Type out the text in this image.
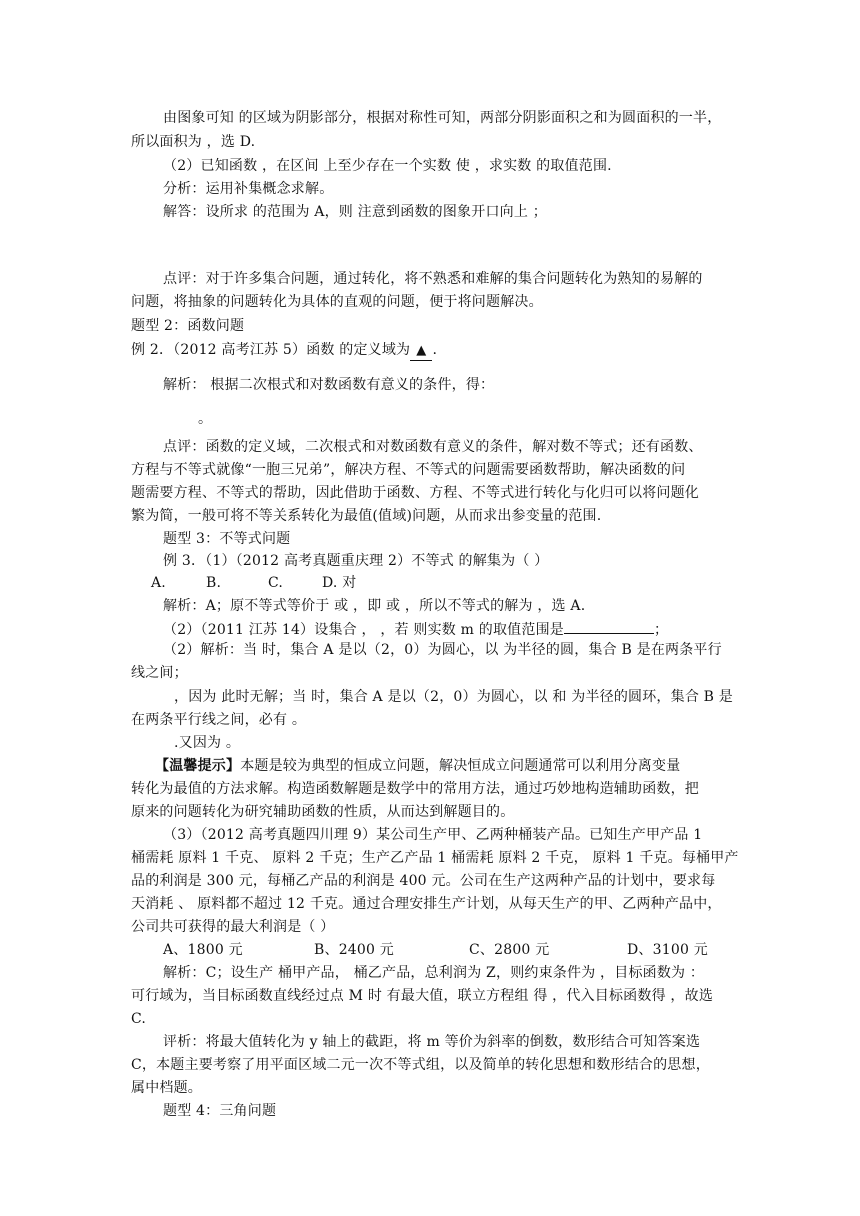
由图象可知 的区域为阴影部分，根据对称性可知，两部分阴影面积之和为圆面积的一半，
所以面积为 ，选 D.
（2）已知函数 ，在区间 上至少存在一个实数 使 ，求实数 的取值范围.
分析：运用补集概念求解。
解答：设所求 的范围为 A，则 注意到函数的图象开口向上 ；
点评：对于许多集合问题，通过转化，将不熟悉和难解的集合问题转化为熟知的易解的
问题，将抽象的问题转化为具体的直观的问题，便于将问题解决。
题型 2：函数问题
例 2．（2012 高考江苏 5）函数 的定义域为 ▲ .
解析： 根据二次根式和对数函数有意义的条件，得：
。
点评：函数的定义域，二次根式和对数函数有意义的条件，解对数不等式；还有函数、
方程与不等式就像“一胞三兄弟”，解决方程、不等式的问题需要函数帮助，解决函数的问
题需要方程、不等式的帮助，因此借助于函数、方程、不等式进行转化与化归可以将问题化
繁为简，一般可将不等关系转化为最值(值域)问题，从而求出参变量的范围.
题型 3：不等式问题
例 3．（1）（2012 高考真题重庆理 2）不等式 的解集为（ ）
A.	B.	C.	D. 对
解析：A；原不等式等价于 或 ，即 或 ，所以不等式的解为 ，选 A.
（2）（2011 江苏 14）设集合 ， ，若 则实数 m 的取值范围是	；
（2）解析：当 时，集合 A 是以（2，0）为圆心，以 为半径的圆，集合 B 是在两条平行
线之间；
，因为 此时无解；当 时，集合 A 是以（2，0）为圆心，以 和 为半径的圆环，集合 B 是
在两条平行线之间，必有 。
.又因为 。
【温馨提示】本题是较为典型的恒成立问题，解决恒成立问题通常可以利用分离变量
转化为最值的方法求解。构造函数解题是数学中的常用方法，通过巧妙地构造辅助函数，把
原来的问题转化为研究辅助函数的性质，从而达到解题目的。
（3）（2012 高考真题四川理 9）某公司生产甲、乙两种桶装产品。已知生产甲产品 1
桶需耗 原料 1 千克、 原料 2 千克；生产乙产品 1 桶需耗 原料 2 千克， 原料 1 千克。每桶甲产
品的利润是 300 元，每桶乙产品的利润是 400 元。公司在生产这两种产品的计划中，要求每
天消耗 、 原料都不超过 12 千克。通过合理安排生产计划，从每天生产的甲、乙两种产品中，
公司共可获得的最大利润是（ ）
A、1800 元	B、2400 元	C、2800 元	D、3100 元
解析：C；设生产 桶甲产品， 桶乙产品，总利润为 Z，则约束条件为 ，目标函数为 ：
可行域为，当目标函数直线经过点 M 时 有最大值，联立方程组 得 ，代入目标函数得 ，故选
C.
评析：将最大值转化为 y 轴上的截距，将 m 等价为斜率的倒数，数形结合可知答案选
C，本题主要考察了用平面区域二元一次不等式组，以及简单的转化思想和数形结合的思想，
属中档题。
题型 4：三角问题
